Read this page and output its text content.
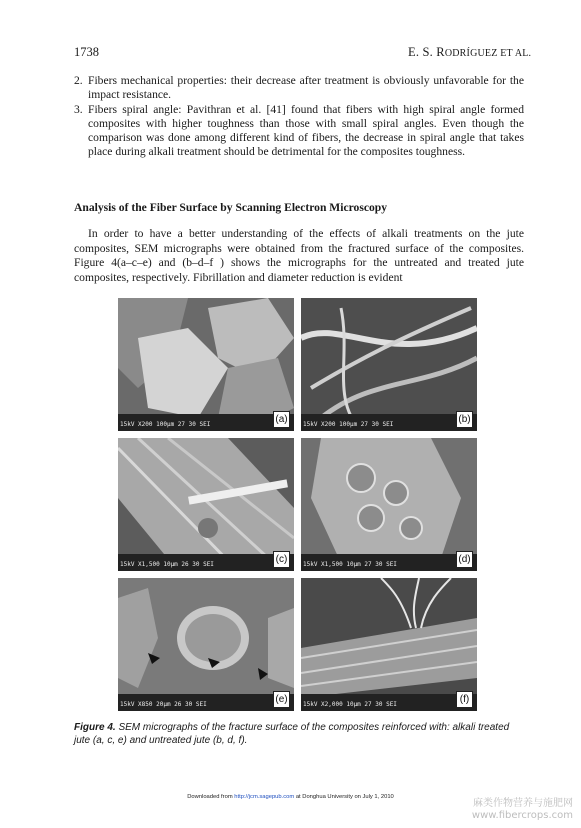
1738	E. S. RODRÍGUEZ ET AL.

2. Fibers mechanical properties: their decrease after treatment is obviously unfavorable for the impact resistance.

3. Fibers spiral angle: Pavithran et al. [41] found that fibers with high spiral angle formed composites with higher toughness than those with small spiral angles. Even though the comparison was done among different kind of fibers, the decrease in spiral angle that takes place during alkali treatment should be detrimental for the composites toughness.

Analysis of the Fiber Surface by Scanning Electron Microscopy
In order to have a better understanding of the effects of alkali treatments on the jute composites, SEM micrographs were obtained from the fractured surface of the composites. Figure 4(a–c–e) and (b–d–f ) shows the micrographs for the untreated and treated jute composites, respectively. Fibrillation and diameter reduction is evident
15kV X200 100µm 27 30 SEI	(a)	15kV X200 100µm 27 30 SEI	(b)
15kV X1,500 10µm 26 30 SEI	(c)	15kV X1,500 10µm 27 30 SEI	(d)
15kV X850 20µm 26 30 SEI	(e)	15kV X2,000 10µm 27 30 SEI	(f)
Figure 4. SEM micrographs of the fracture surface of the composites reinforced with: alkali treated jute (a, c, e) and untreated jute (b, d, f).
Downloaded from http://jcm.sagepub.com at Donghua University on July 1, 2010
麻类作物营养与施肥网
www.fibercrops.com
